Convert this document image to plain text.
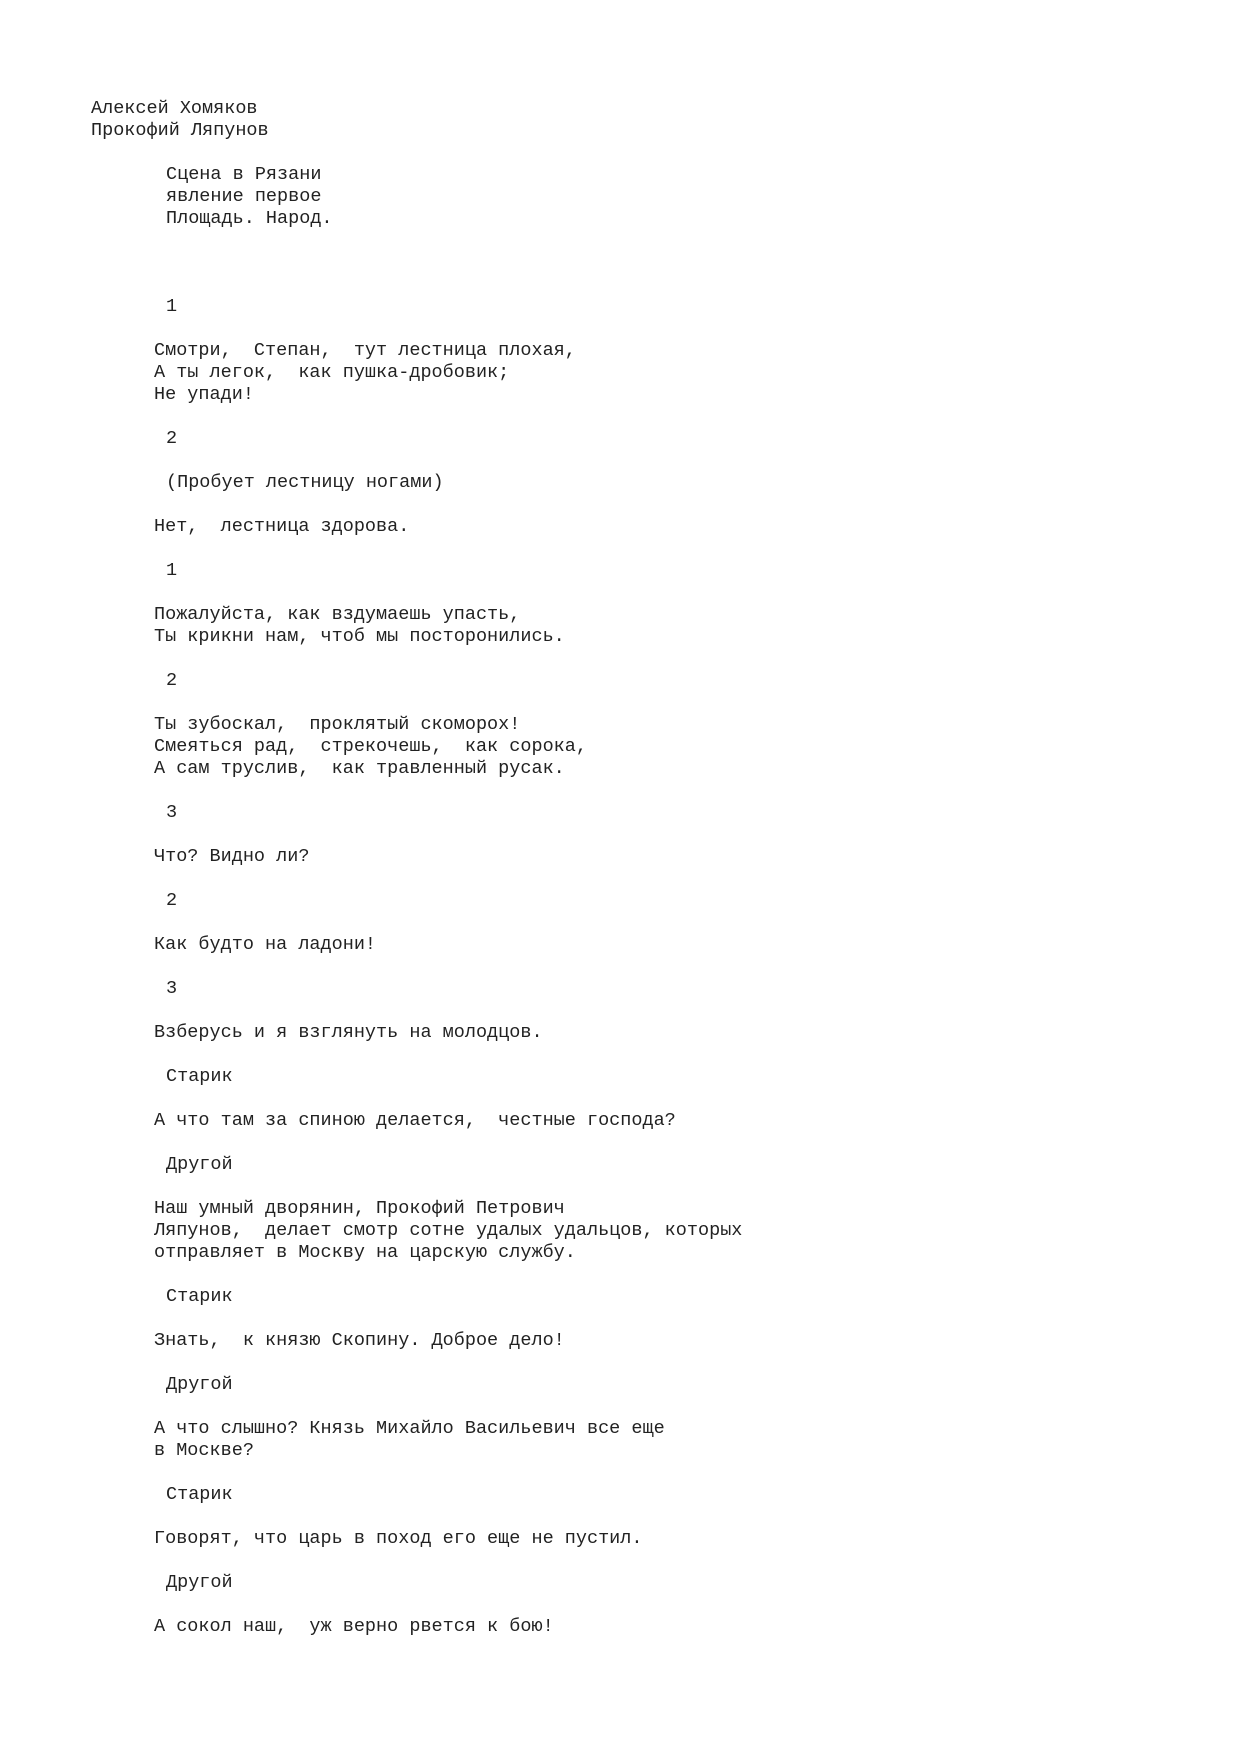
Алексей Хомяков
Прокофий Ляпунов
Сцена в Рязани
явление первое
Площадь. Народ.
1
Смотри,  Степан,  тут лестница плохая,
А ты легок,  как пушка-дробовик;
Не упади!
2
(Пробует лестницу ногами)
Нет,  лестница здорова.
1
Пожалуйста, как вздумаешь упасть,
Ты крикни нам, чтоб мы посторонились.
2
Ты зубоскал,  проклятый скоморох!
Смеяться рад,  стрекочешь,  как сорока,
А сам труслив,  как травленный русак.
3
Что? Видно ли?
2
Как будто на ладони!
3
Взберусь и я взглянуть на молодцов.
Старик
А что там за спиною делается,  честные господа?
Другой
Наш умный дворянин, Прокофий Петрович
Ляпунов,  делает смотр сотне удалых удальцов, которых
отправляет в Москву на царскую службу.
Старик
Знать,  к князю Скопину. Доброе дело!
Другой
А что слышно? Князь Михайло Васильевич все еще
в Москве?
Старик
Говорят, что царь в поход его еще не пустил.
Другой
А сокол наш,  уж верно рвется к бою!
